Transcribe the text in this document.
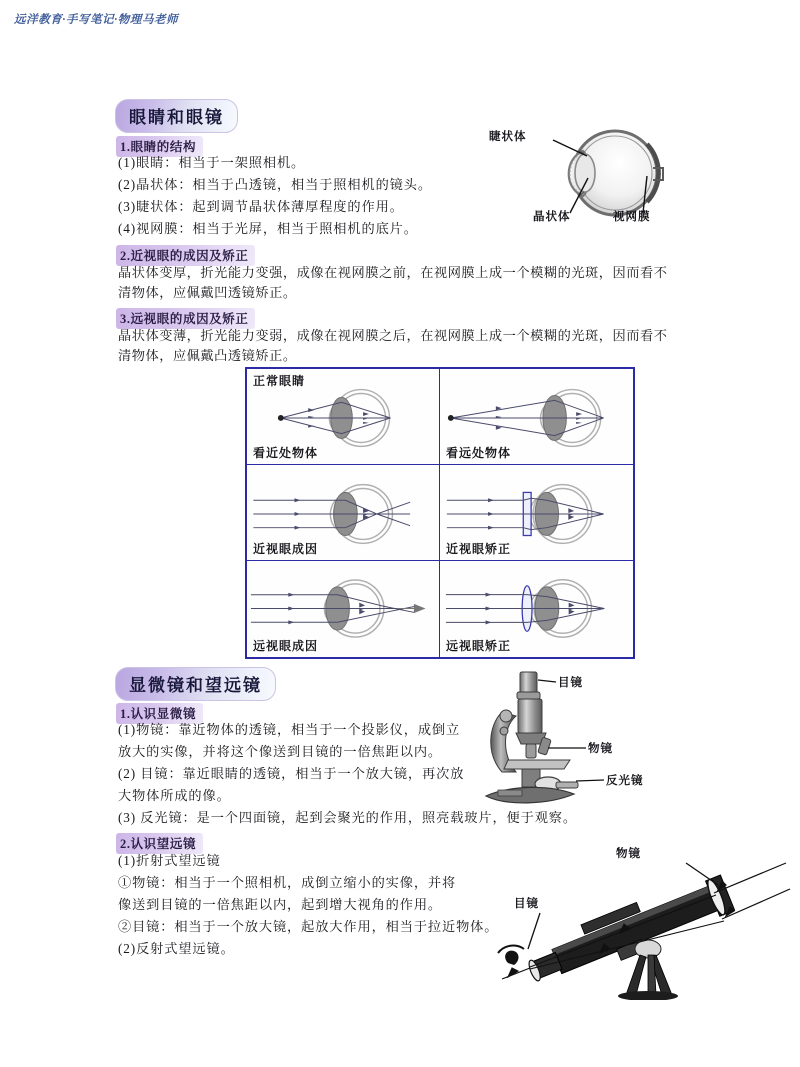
远洋教育·手写笔记·物理马老师
眼睛和眼镜
1.眼睛的结构
(1)眼睛：相当于一架照相机。
(2)晶状体：相当于凸透镜，相当于照相机的镜头。
(3)睫状体：起到调节晶状体薄厚程度的作用。
(4)视网膜：相当于光屏，相当于照相机的底片。
2.近视眼的成因及矫正
晶状体变厚，折光能力变强，成像在视网膜之前，在视网膜上成一个模糊的光斑，因而看不
清物体，应佩戴凹透镜矫正。
3.远视眼的成因及矫正
晶状体变薄，折光能力变弱，成像在视网膜之后，在视网膜上成一个模糊的光斑，因而看不
清物体，应佩戴凸透镜矫正。
睫状体
晶状体	视网膜
正常眼睛
看近处物体	看远处物体
近视眼成因	近视眼矫正
远视眼成因	远视眼矫正
显微镜和望远镜
1.认识显微镜
(1)物镜：靠近物体的透镜，相当于一个投影仪，成倒立
放大的实像，并将这个像送到目镜的一倍焦距以内。
(2) 目镜：靠近眼睛的透镜，相当于一个放大镜，再次放
大物体所成的像。
(3) 反光镜：是一个四面镜，起到会聚光的作用，照亮载玻片，便于观察。
2.认识望远镜
(1)折射式望远镜
①物镜：相当于一个照相机，成倒立缩小的实像，并将
像送到目镜的一倍焦距以内，起到增大视角的作用。
②目镜：相当于一个放大镜，起放大作用，相当于拉近物体。
(2)反射式望远镜。
目镜
物镜
反光镜
物镜
目镜
